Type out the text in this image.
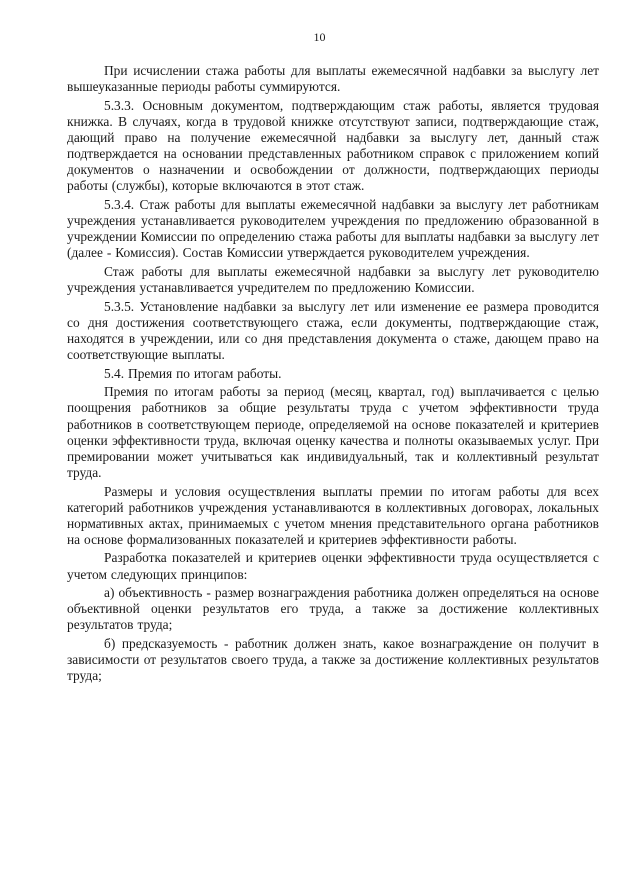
10

При исчислении стажа работы для выплаты ежемесячной надбавки за выслугу лет вышеуказанные периоды работы суммируются.

5.3.3. Основным документом, подтверждающим стаж работы, является трудовая книжка. В случаях, когда в трудовой книжке отсутствуют записи, подтверждающие стаж, дающий право на получение ежемесячной надбавки за выслугу лет, данный стаж подтверждается на основании представленных работником справок с приложением копий документов о назначении и освобождении от должности, подтверждающих периоды работы (службы), которые включаются в этот стаж.

5.3.4. Стаж работы для выплаты ежемесячной надбавки за выслугу лет работникам учреждения устанавливается руководителем учреждения по предложению образованной в учреждении Комиссии по определению стажа работы для выплаты надбавки за выслугу лет (далее - Комиссия). Состав Комиссии утверждается руководителем учреждения.

Стаж работы для выплаты ежемесячной надбавки за выслугу лет руководителю учреждения устанавливается учредителем по предложению Комиссии.

5.3.5. Установление надбавки за выслугу лет или изменение ее размера проводится со дня достижения соответствующего стажа, если документы, подтверждающие стаж, находятся в учреждении, или со дня представления документа о стаже, дающем право на соответствующие выплаты.

5.4. Премия по итогам работы.

Премия по итогам работы за период (месяц, квартал, год) выплачивается с целью поощрения работников за общие результаты труда с учетом эффективности труда работников в соответствующем периоде, определяемой на основе показателей и критериев оценки эффективности труда, включая оценку качества и полноты оказываемых услуг. При премировании может учитываться как индивидуальный, так и коллективный результат труда.

Размеры и условия осуществления выплаты премии по итогам работы для всех категорий работников учреждения устанавливаются в коллективных договорах, локальных нормативных актах, принимаемых с учетом мнения представительного органа работников на основе формализованных показателей и критериев эффективности работы.

Разработка показателей и критериев оценки эффективности труда осуществляется с учетом следующих принципов:

а) объективность - размер вознаграждения работника должен определяться на основе объективной оценки результатов его труда, а также за достижение коллективных результатов труда;

б) предсказуемость - работник должен знать, какое вознаграждение он получит в зависимости от результатов своего труда, а также за достижение коллективных результатов труда;
